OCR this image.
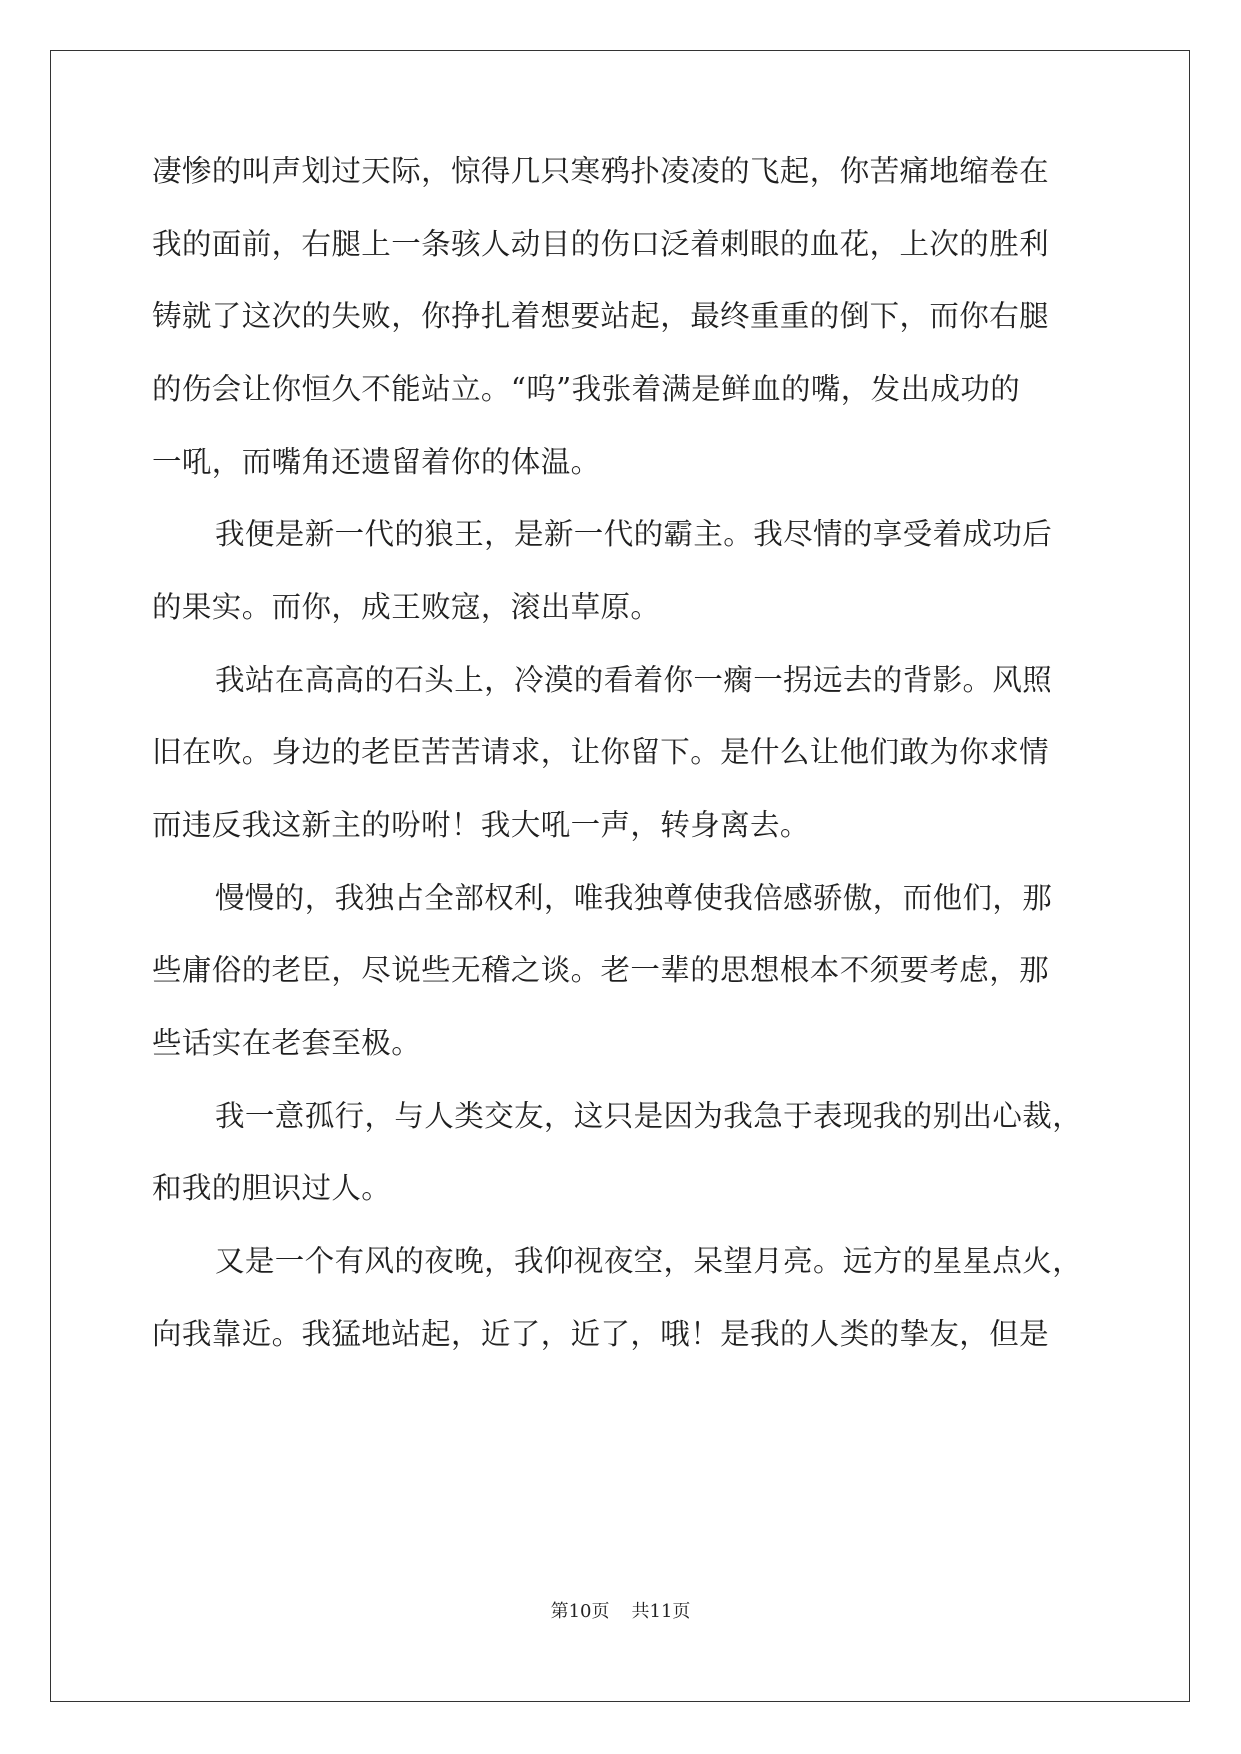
凄惨的叫声划过天际，惊得几只寒鸦扑凌凌的飞起，你苦痛地缩卷在
我的面前，右腿上一条骇人动目的伤口泛着刺眼的血花，上次的胜利
铸就了这次的失败，你挣扎着想要站起，最终重重的倒下，而你右腿
的伤会让你恒久不能站立。“呜”我张着满是鲜血的嘴，发出成功的
一吼，而嘴角还遗留着你的体温。
我便是新一代的狼王，是新一代的霸主。我尽情的享受着成功后
的果实。而你，成王败寇，滚出草原。
我站在高高的石头上，冷漠的看着你一瘸一拐远去的背影。风照
旧在吹。身边的老臣苦苦请求，让你留下。是什么让他们敢为你求情
而违反我这新主的吩咐！我大吼一声，转身离去。
慢慢的，我独占全部权利，唯我独尊使我倍感骄傲，而他们，那
些庸俗的老臣，尽说些无稽之谈。老一辈的思想根本不须要考虑，那
些话实在老套至极。
我一意孤行，与人类交友，这只是因为我急于表现我的别出心裁，
和我的胆识过人。
又是一个有风的夜晚，我仰视夜空，呆望月亮。远方的星星点火，
向我靠近。我猛地站起，近了，近了，哦！是我的人类的挚友，但是
第10页 共11页
